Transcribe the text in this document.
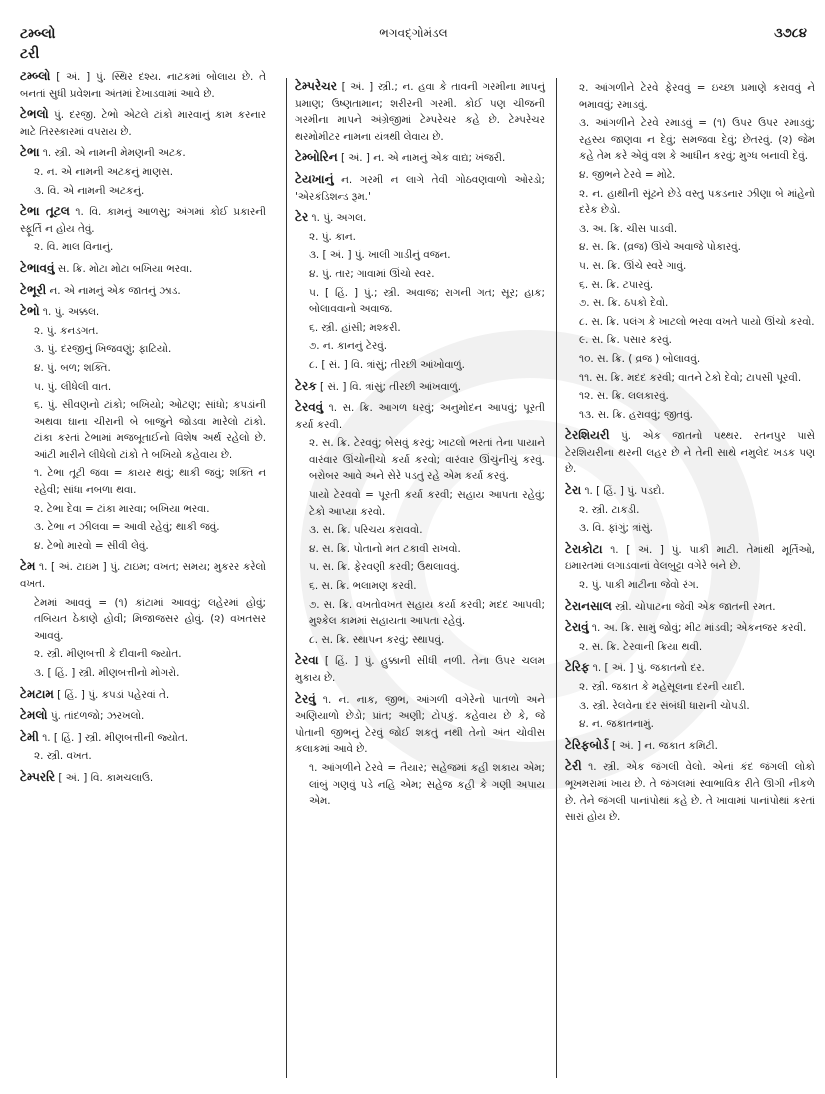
ટમ્બ્લો
ટરી
ભગવદ્ગોમંડલ	૩૭૮૪
ટમ્બ્લો [ અં. ] પું. સ્થિર દશ્ય. નાટકમાં બોલાય છે. તે બનતાં સુધી પ્રવેશના અંતમાં દેખાડવામાં આવે છે.
ટેભલો પું. દરજી. ટેભો એટલે ટાંકો મારવાનું કામ કરનાર માટે તિરસ્કારમાં વપરાય છે.
ટેભા ૧. સ્ત્રી. એ નામની મેમણની અટક.
૨. ન. એ નામની અટકનું માણસ.
૩. વિ. એ નામની અટકનું.
ટેભા તૂટલ ૧. વિ. કામનું આળસુ; અંગમાં કોઈ પ્રકારની સ્ફૂર્તિ ન હોય તેવું.
૨. વિ. માલ વિનાનું.
ટેભાવવું સ. ક્રિ. મોટા મોટા બખિયા ભરવા.
ટેભૂરી ન. એ નામનું એક જાતનું ઝાડ.
ટેભો ૧. પું. અક્કલ.
૨. પું. કનડગત.
૩. પું. દરજીનું ખિજવણું; ફાટિયો.
૪. પું. બળ; શક્તિ.
૫. પું. લીધેલી વાત.
૬. પું. સીવણનો ટાંકો; બખિયો; ઓટણ; સાંધો; કપડાંની અથવા ઘાના ચીરાની બે બાજુને જોડવા મારેલો ટાંકો. ટાંકા કરતાં ટેભામાં મજબૂતાઈનો વિશેષ અર્થ રહેલો છે. આંટી મારીને લીધેલો ટાંકો તે બખિયો કહેવાય છે.
૧. ટેભા તૂટી જવા = કાયર થવું; થાકી જવું; શક્તિ ન રહેવી; સાંધા નબળા થવા.
૨. ટેભા દેવા = ટાંકા મારવા; બખિયા ભરવા.
૩. ટેભા ન ઝીલવા = આવી રહેવું; થાકી જવું.
૪. ટેભો મારવો = સીવી લેવું.
ટેમ ૧. [ અં. ટાઇમ ] પું. ટાઇમ; વખત; સમય; મુકરર કરેલો વખત.
ટેમમાં આવવું = (૧) કાંટામાં આવવું; લહેરમાં હોવું; તબિયત ઠેકાણે હોવી; મિજાજસર હોવું. (૨) વખતસર આવવું.
૨. સ્ત્રી. મીણબત્તી કે દીવાની જ્યોત.
૩. [ હિં. ] સ્ત્રી. મીણબત્તીનો મોગરો.
ટેમટામ [ હિં. ] પું. કપડાં પહેરવાં તે.
ટેમલો પું. તાંદળજો; ઝરખલો.
ટેમી ૧. [ હિં. ] સ્ત્રી. મીણબત્તીની જ્યોત.
૨. સ્ત્રી. વખત.
ટેમ્પરરિ [ અં. ] વિ. કામચલાઉ.
ટેમ્પરેચર [ અં. ] સ્ત્રી.; ન. હવા કે તાવની ગરમીના માપનું પ્રમાણ; ઉષ્ણતામાન; શરીરની ગરમી. કોઈ પણ ચીજની ગરમીના માપને અંગ્રેજીમાં ટેમ્પરેચર કહે છે. ટેમ્પરેચર થરમોમીટર નામના યંત્રથી લેવાય છે.
ટેમ્બોરિન [ અં. ] ન. એ નામનું એક વાદ્ય; ખંજરી.
ટેયખાનું ન. ગરમી ન લાગે તેવી ગોઠવણવાળો ઓરડો; 'એરકંડિશન્ડ રૂમ.'
ટેર ૧. પું. અગલ.
૨. પું. કાન.
૩. [ અં. ] પું. ખાલી ગાડીનું વજન.
૪. પું. તાર; ગાવામાં ઊંચો સ્વર.
૫. [ હિં. ] પું.; સ્ત્રી. અવાજ; રાગની ગત; સૂર; હાક; બોલાવવાનો અવાજ.
૬. સ્ત્રી. હાંસી; મશ્કરી.
૭. ન. કાનનું ટેરવું.
૮. [ સં. ] વિ. ત્રાંસું; તીરછી આંખોવાળું.
ટેરક [ સં. ] વિ. ત્રાંસું; તીરછી આંખવાળું.
ટેરવવું ૧. સ. ક્રિ. આગળ ધરવું; અનુમોદન આપવું; પૂરતી કર્યા કરવી.
૨. સ. ક્રિ. ટેરવવું; બેસવું કરવું; ખાટલો ભરતાં તેના પાયાને વારંવાર ઊંચોનીચો કર્યા કરવો; વારંવાર ઊંચુંનીચું કરવું. બરોબર આવે અને સેરે પડતું રહે એમ કર્યા કરવું.
પાયો ટેરવવો = પૂરતી કર્યા કરવી; સહાય આપતા રહેવું; ટેકો આપ્યા કરવો.
૩. સ. ક્રિ. પરિચય કરાવવો.
૪. સ. ક્રિ. પોતાનો મત ટકાવી રાખવો.
૫. સ. ક્રિ. ફેરવણી કરવી; ઉથલાવવું.
૬. સ. ક્રિ. ભલામણ કરવી.
૭. સ. ક્રિ. વખતોવખત સહાય કર્યા કરવી; મદદ આપવી; મુશ્કેલ કામમાં સહાયતા આપતા રહેવું.
૮. સ. ક્રિ. સ્થાપન કરવું; સ્થાપવું.
ટેરવા [ હિં. ] પું. હુક્કાની સીધી નળી. તેના ઉપર ચલમ મુકાય છે.
ટેરવું ૧. ન. નાક, જીભ, આંગળી વગેરેનો પાતળો અને અણિયાળો છેડો; પ્રાંત; અણી; ટોપકું. કહેવાય છે કે, જે પોતાની જીભનું ટેરવું જોઈ શકતું નથી તેનો અંત ચોવીસ કલાકમાં આવે છે.
૧. આંગળીને ટેરવે = તૈયાર; સહેજમાં કહી શકાય એમ; લાંબું ગણવું પડે નહિ એમ; સહેજ કહી કે ગણી અપાય એમ.
૨. આંગળીને ટેરવે ફેરવવું = ઇચ્છા પ્રમાણે કરાવવું ને ભમાવવું; રમાડવું.
૩. આંગળીને ટેરવે રમાડવું = (૧) ઉપર ઉપર રમાડવું; રહસ્ય જાણવા ન દેવું; સમજવા દેવું; છેતરવું. (૨) જેમ કહે તેમ કરે એવું વશ કે આધીન કરવું; મુગ્ધ બનાવી દેવું.
૪. જીભને ટેરવે = મોઢે.
૨. ન. હાથીની સૂંઢને છેડે વસ્તુ પકડનાર ઝીણા બે માંહેનો દરેક છેડો.
૩. અ. ક્રિ. ચીસ પાડવી.
૪. સ. ક્રિ. (વ્રજ) ઊંચે અવાજે પોકારવું.
૫. સ. ક્રિ. ઊંચે સ્વરે ગાવું.
૬. સ. ક્રિ. ટપારવું.
૭. સ. ક્રિ. ઠપકો દેવો.
૮. સ. ક્રિ. પલંગ કે ખાટલો ભરવા વખતે પાયો ઊંચો કરવો.
૯. સ. ક્રિ. પસાર કરવું.
૧૦. સ. ક્રિ. ( વ્રજ ) બોલાવવું.
૧૧. સ. ક્રિ. મદદ કરવી; વાતને ટેકો દેવો; ટાપસી પૂરવી.
૧૨. સ. ક્રિ. લલકારવું.
૧૩. સ. ક્રિ. હરાવવું; જીતવું.
ટેરશિયરી પું. એક જાતનો પથ્થર. રતનપુર પાસે ટેરશિયરીના થરની લહર છે ને તેની સાથે નમુલેદ ખડક પણ છે.
ટેરા ૧. [ હિં. ] પું. પડદો.
૨. સ્ત્રી. ટાકડી.
૩. વિ. ફાંગું; ત્રાંસું.
ટેરાકોટા ૧. [ અં. ] પું. પાકી માટી. તેમાંથી મૂર્તિઓ, ઇમારતમાં લગાડવાનાં વેલબુટ્ટા વગેરે બને છે.
૨. પું. પાકી માટીના જેવો રંગ.
ટેરાનસાલ સ્ત્રી. ચોપાટના જેવી એક જાતની રમત.
ટેરાવું ૧. અ. ક્રિ. સામું જોવું; મીટ માંડવી; એકનજર કરવી.
૨. સ. ક્રિ. ટેરવાની ક્રિયા થવી.
ટેરિફ ૧. [ અં. ] પું. જકાતનો દર.
૨. સ્ત્રી. જકાત કે મહેસૂલના દરની યાદી.
૩. સ્ત્રી. રેલવેના દર સંબંધી ધારાની ચોપડી.
૪. ન. જકાતનામું.
ટેરિફબોર્ડ [ અં. ] ન. જકાત કમિટી.
ટેરી ૧. સ્ત્રી. એક જંગલી વેલો. એનાં કંદ જંગલી લોકો ભૂખમરામાં ખાય છે. તે જંગલમાં સ્વાભાવિક રીતે ઊગી નીકળે છે. તેને જંગલી પાનાંપોથાં કહે છે. તે ખાવામાં પાનાંપોથાં કરતાં સારાં હોય છે.
